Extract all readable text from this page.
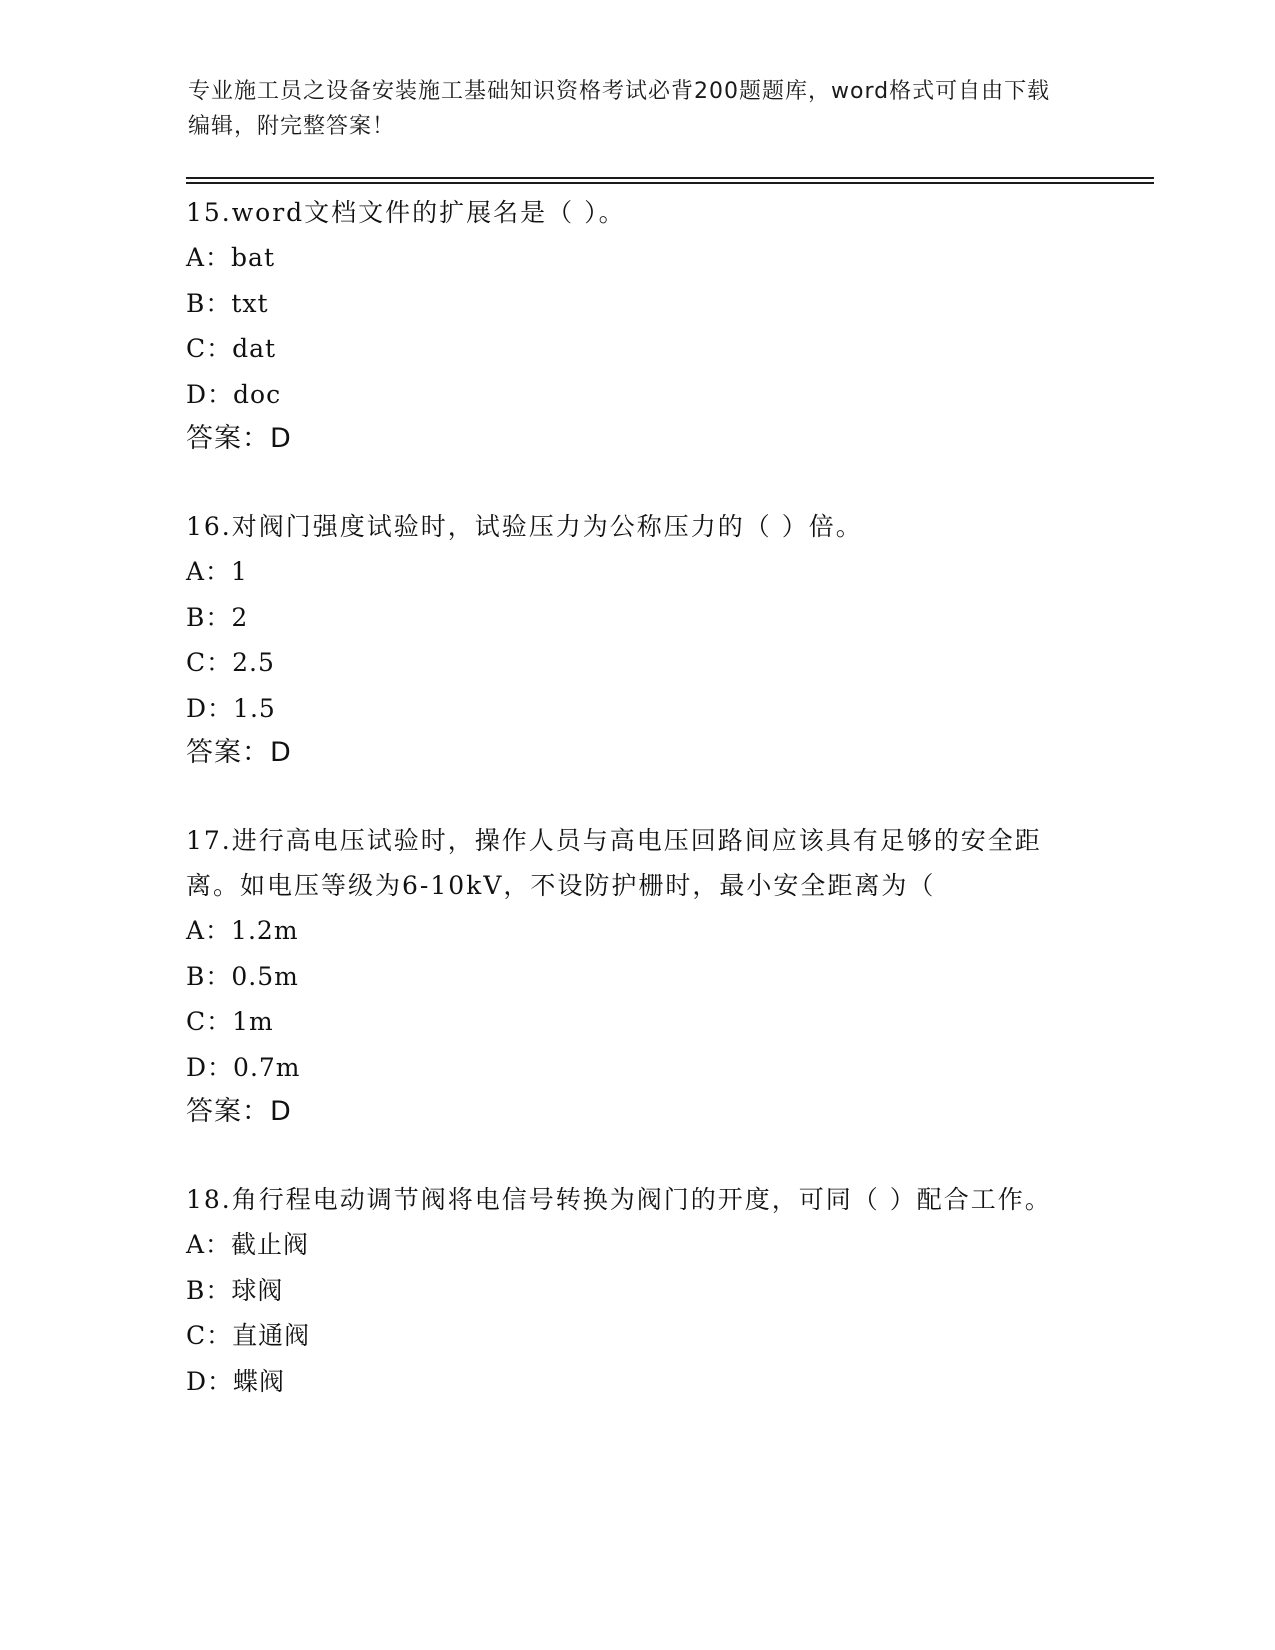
专业施工员之设备安装施工基础知识资格考试必背200题题库，word格式可自由下载编辑，附完整答案！

15.word文档文件的扩展名是（ ）。

A：bat

B：txt

C：dat

D：doc

答案：D

16.对阀门强度试验时，试验压力为公称压力的（ ）倍。

A：1

B：2

C：2.5

D：1.5

答案：D

17.进行高电压试验时，操作人员与高电压回路间应该具有足够的安全距离。如电压等级为6-10kV，不设防护栅时，最小安全距离为（

A：1.2m

B：0.5m

C：1m

D：0.7m

答案：D

18.角行程电动调节阀将电信号转换为阀门的开度，可同（ ）配合工作。

A：截止阀

B：球阀

C：直通阀

D：蝶阀
